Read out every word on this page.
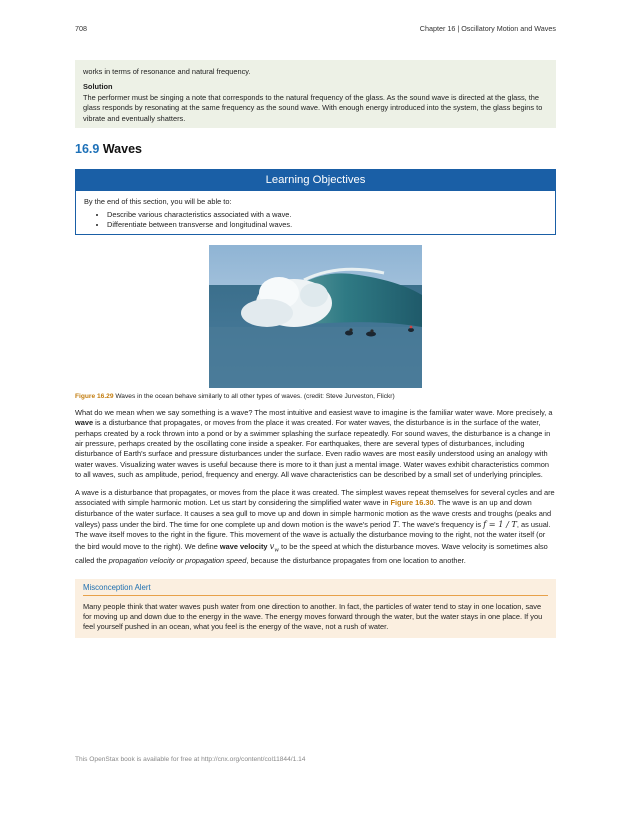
708	Chapter 16 | Oscillatory Motion and Waves

works in terms of resonance and natural frequency.

Solution

The performer must be singing a note that corresponds to the natural frequency of the glass. As the sound wave is directed at the glass, the glass responds by resonating at the same frequency as the sound wave. With enough energy introduced into the system, the glass begins to vibrate and eventually shatters.

16.9 Waves
Learning Objectives
By the end of this section, you will be able to:
• Describe various characteristics associated with a wave.
• Differentiate between transverse and longitudinal waves.
Figure 16.29 Waves in the ocean behave similarly to all other types of waves. (credit: Steve Jurveston, Flickr)

What do we mean when we say something is a wave? The most intuitive and easiest wave to imagine is the familiar water wave. More precisely, a wave is a disturbance that propagates, or moves from the place it was created. For water waves, the disturbance is in the surface of the water, perhaps created by a rock thrown into a pond or by a swimmer splashing the surface repeatedly. For sound waves, the disturbance is a change in air pressure, perhaps created by the oscillating cone inside a speaker. For earthquakes, there are several types of disturbances, including disturbance of Earth's surface and pressure disturbances under the surface. Even radio waves are most easily understood using an analogy with water waves. Visualizing water waves is useful because there is more to it than just a mental image. Water waves exhibit characteristics common to all waves, such as amplitude, period, frequency and energy. All wave characteristics can be described by a small set of underlying principles.

A wave is a disturbance that propagates, or moves from the place it was created. The simplest waves repeat themselves for several cycles and are associated with simple harmonic motion. Let us start by considering the simplified water wave in Figure 16.30. The wave is an up and down disturbance of the water surface. It causes a sea gull to move up and down in simple harmonic motion as the wave crests and troughs (peaks and valleys) pass under the bird. The time for one complete up and down motion is the wave's period T. The wave's frequency is f = 1 / T, as usual. The wave itself moves to the right in the figure. This movement of the wave is actually the disturbance moving to the right, not the water itself (or the bird would move to the right). We define wave velocity $v_w$ to be the speed at which the disturbance moves. Wave velocity is sometimes also called the propagation velocity or propagation speed, because the disturbance propagates from one location to another.

Misconception Alert
Many people think that water waves push water from one direction to another. In fact, the particles of water tend to stay in one location, save for moving up and down due to the energy in the wave. The energy moves forward through the water, but the water stays in one place. If you feel yourself pushed in an ocean, what you feel is the energy of the wave, not a rush of water.
This OpenStax book is available for free at http://cnx.org/content/col11844/1.14
